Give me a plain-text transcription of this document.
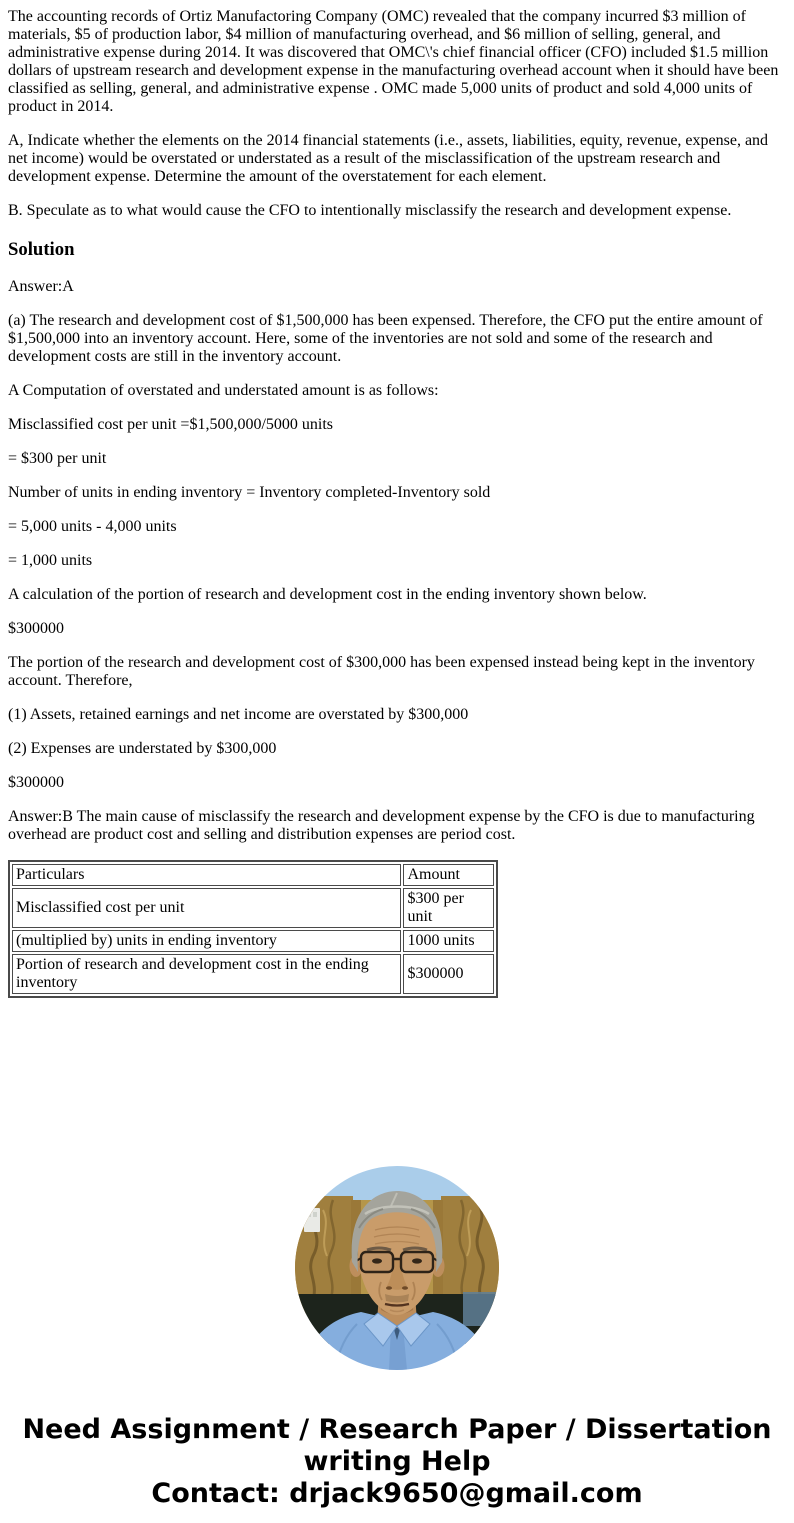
The accounting records of Ortiz Manufactoring Company (OMC) revealed that the company incurred $3 million of materials, $5 of production labor, $4 million of manufacturing overhead, and $6 million of selling, general, and administrative expense during 2014. It was discovered that OMC\'s chief financial officer (CFO) included $1.5 million dollars of upstream research and development expense in the manufacturing overhead account when it should have been classified as selling, general, and administrative expense . OMC made 5,000 units of product and sold 4,000 units of product in 2014.

A, Indicate whether the elements on the 2014 financial statements (i.e., assets, liabilities, equity, revenue, expense, and net income) would be overstated or understated as a result of the misclassification of the upstream research and development expense. Determine the amount of the overstatement for each element.

B. Speculate as to what would cause the CFO to intentionally misclassify the research and development expense.

Solution

Answer:A

(a) The research and development cost of $1,500,000 has been expensed. Therefore, the CFO put the entire amount of $1,500,000 into an inventory account. Here, some of the inventories are not sold and some of the research and development costs are still in the inventory account.

A Computation of overstated and understated amount is as follows:

Misclassified cost per unit =$1,500,000/5000 units

= $300 per unit

Number of units in ending inventory = Inventory completed-Inventory sold

= 5,000 units - 4,000 units

= 1,000 units

A calculation of the portion of research and development cost in the ending inventory shown below.

$300000

The portion of the research and development cost of $300,000 has been expensed instead being kept in the inventory account. Therefore,

(1) Assets, retained earnings and net income are overstated by $300,000

(2) Expenses are understated by $300,000

$300000

Answer:B The main cause of misclassify the research and development expense by the CFO is due to manufacturing overhead are product cost and selling and distribution expenses are period cost.

Particulars	Amount
Misclassified cost per unit	$300 per unit
(multiplied by) units in ending inventory	1000 units
Portion of research and development cost in the ending inventory	$300000
Need Assignment / Research Paper / Dissertation
writing Help
Contact: drjack9650@gmail.com
